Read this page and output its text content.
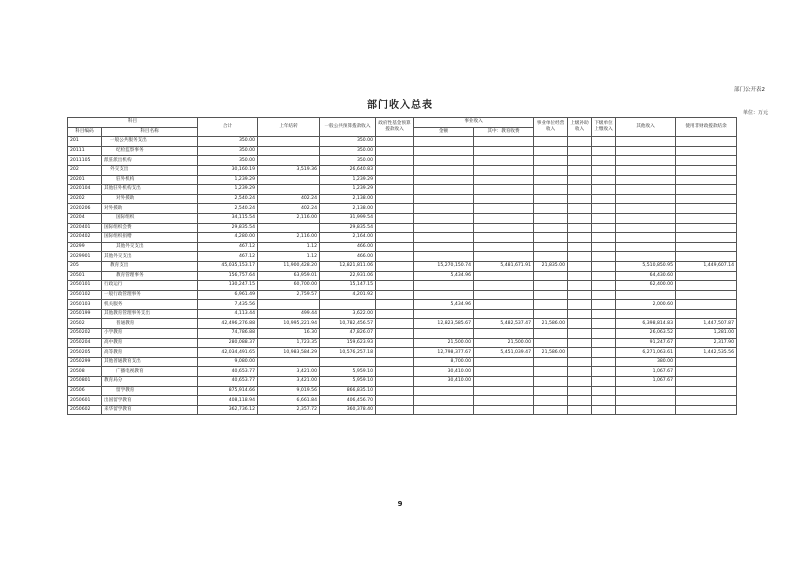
部门公开表2
部门收入总表
单位：万元
科目		合计	上年结转	一般公共预算拨款收入	政府性基金预算拨款收入	事业收入		事业单位经营收入	上级补助收入	下级单位上缴收入	其他收入	使用非财政拨款结余
科目编码	科目名称					金额	其中：教育收费					
201	一般公共服务支出	350.00		350.00								
20111	纪检监察事务	350.00		350.00								
2011105	派驻派出机构	350.00		350.00								
202	外交支出	30,160.19	3,519.36	26,640.83								
20201	驻外机构	1,239.29		1,239.29								
2020104	其他驻外机构支出	1,239.29		1,239.29								
20202	对外援助	2,540.24	402.24	2,138.00								
2020206	对外援助	2,540.24	402.24	2,138.00								
20204	国际组织	34,115.54	2,116.00	31,999.54								
2020401	国际组织会费	29,835.54		29,835.54								
2020402	国际组织捐赠	4,280.00	2,116.00	2,164.00								
20299	其他外交支出	467.12	1.12	466.00								
2029901	其他外交支出	467.12	1.12	466.00								
205	教育支出	45,035,153.17	11,900,428.20	12,821,811.06		15,270,150.74	5,481,671.91	21,835.00			5,510,850.95	1,449,607.14
20501	教育管理事务	156,757.64	63,959.01	22,931.06		5,434.96					64,430.60	
2050101	行政运行	130,247.15	60,700.00	15,147.15							62,400.00	
2050102	一般行政管理事务	6,961.49	2,759.57	4,201.92								
2050103	机关服务	7,435.56				5,434.96					2,000.60	
2050199	其他教育管理事务支出	4,113.44	499.44	3,622.00								
20502	普通教育	42,496,276.88	10,995,221.94	10,782,456.57		12,823,585.67	5,482,537.47	21,586.00			6,398,814.83	1,447,507.87
2050202	小学教育	74,786.88	16.30	47,826.07							26,063.52	1,281.00
2050204	高中教育	280,088.37	1,723.35	159,623.93		21,500.00	21,500.00				91,247.67	2,317.90
2050205	高等教育	42,034,491.65	10,983,584.29	10,576,257.18		12,798,377.67	5,451,039.47	21,586.00			6,271,063.61	1,442,535.56
2050299	其他普通教育支出	9,080.00				8,700.00					380.00	
20508	广播电视教育	40,653.77	3,421.00	5,959.10		30,410.00					1,067.67	
2050801	教育局分	40,653.77	3,421.00	5,959.10		30,410.00					1,067.67	
20506	留学教育	875,914.66	9,019.56	866,835.10								
2050601	出国留学教育	408,118.94	6,661.84	406,456.70								
2050602	来华留学教育	362,736.12	2,357.72	360,378.40								
9
